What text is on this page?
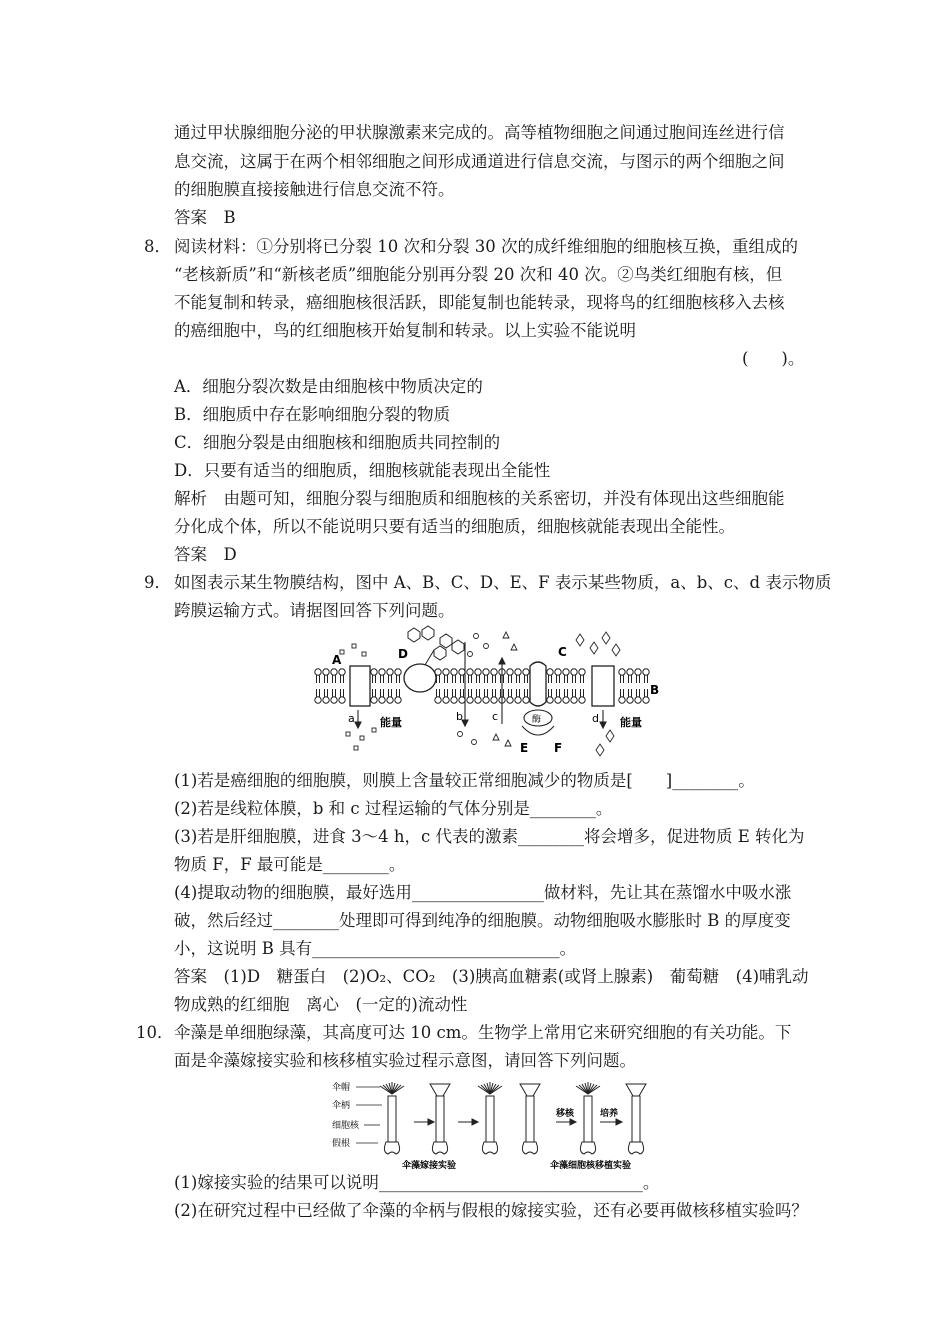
通过甲状腺细胞分泌的甲状腺激素来完成的。高等植物细胞之间通过胞间连丝进行信
息交流，这属于在两个相邻细胞之间形成通道进行信息交流，与图示的两个细胞之间
的细胞膜直接接触进行信息交流不符。
答案　B
8． 阅读材料：①分别将已分裂 10 次和分裂 30 次的成纤维细胞的细胞核互换，重组成的
“老核新质”和“新核老质”细胞能分别再分裂 20 次和 40 次。②鸟类红细胞有核，但
不能复制和转录，癌细胞核很活跃，即能复制也能转录，现将鸟的红细胞核移入去核
的癌细胞中，鸟的红细胞核开始复制和转录。以上实验不能说明
(　　)。
A．细胞分裂次数是由细胞核中物质决定的
B．细胞质中存在影响细胞分裂的物质
C．细胞分裂是由细胞核和细胞质共同控制的
D．只要有适当的细胞质，细胞核就能表现出全能性
解析　由题可知，细胞分裂与细胞质和细胞核的关系密切，并没有体现出这些细胞能
分化成个体，所以不能说明只要有适当的细胞质，细胞核就能表现出全能性。
答案　D
9． 如图表示某生物膜结构，图中 A、B、C、D、E、F 表示某些物质，a、b、c、d 表示物质
跨膜运输方式。请据图回答下列问题。
A	D	C
B
E F
a	b	c	d
能量	能量
酶
(1)若是癌细胞的细胞膜，则膜上含量较正常细胞减少的物质是[　　]________。
(2)若是线粒体膜，b 和 c 过程运输的气体分别是________。
(3)若是肝细胞膜，进食 3～4 h，c 代表的激素________将会增多，促进物质 E 转化为
物质 F，F 最可能是________。
(4)提取动物的细胞膜，最好选用________________做材料，先让其在蒸馏水中吸水涨
破，然后经过________处理即可得到纯净的细胞膜。动物细胞吸水膨胀时 B 的厚度变
小，这说明 B 具有______________________________。
答案　(1)D　糖蛋白　(2)O₂、CO₂　(3)胰高血糖素(或肾上腺素)　葡萄糖　(4)哺乳动
物成熟的红细胞　离心　(一定的)流动性
10． 伞藻是单细胞绿藻，其高度可达 10 cm。生物学上常用它来研究细胞的有关功能。下
面是伞藻嫁接实验和核移植实验过程示意图，请回答下列问题。
伞帽
伞柄
细胞核
假根
移核	培养
伞藻嫁接实验	伞藻细胞核移植实验
(1)嫁接实验的结果可以说明________________________________。
(2)在研究过程中已经做了伞藻的伞柄与假根的嫁接实验，还有必要再做核移植实验吗？
